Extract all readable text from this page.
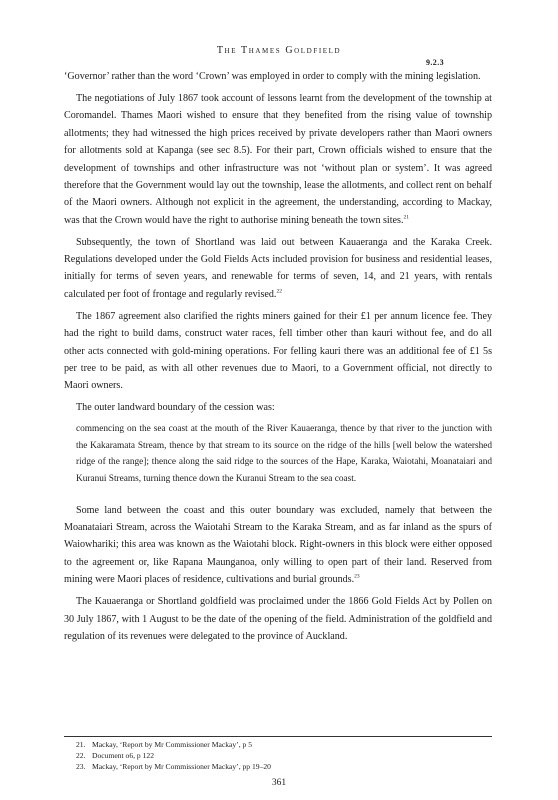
The Thames Goldfield
9.2.3

‘Governor’ rather than the word ‘Crown’ was employed in order to comply with the mining legislation.

The negotiations of July 1867 took account of lessons learnt from the development of the township at Coromandel. Thames Maori wished to ensure that they benefited from the rising value of township allotments; they had witnessed the high prices received by private developers rather than Maori owners for allotments sold at Kapanga (see sec 8.5). For their part, Crown officials wished to ensure that the development of townships and other infrastructure was not ‘without plan or system’. It was agreed therefore that the Government would lay out the township, lease the allotments, and collect rent on behalf of the Maori owners. Although not explicit in the agreement, the understanding, according to Mackay, was that the Crown would have the right to authorise mining beneath the town sites.$^{21}$

Subsequently, the town of Shortland was laid out between Kauaeranga and the Karaka Creek. Regulations developed under the Gold Fields Acts included provision for business and residential leases, initially for terms of seven years, and renewable for terms of seven, 14, and 21 years, with rentals calculated per foot of frontage and regularly revised.$^{22}$

The 1867 agreement also clarified the rights miners gained for their £1 per annum licence fee. They had the right to build dams, construct water races, fell timber other than kauri without fee, and do all other acts connected with gold-mining operations. For felling kauri there was an additional fee of £1 5s per tree to be paid, as with all other revenues due to Maori, to a Government official, not directly to Maori owners.

The outer landward boundary of the cession was:

commencing on the sea coast at the mouth of the River Kauaeranga, thence by that river to the junction with the Kakaramata Stream, thence by that stream to its source on the ridge of the hills [well below the watershed ridge of the range]; thence along the said ridge to the sources of the Hape, Karaka, Waiotahi, Moanataiari and Kuranui Streams, turning thence down the Kuranui Stream to the sea coast.

Some land between the coast and this outer boundary was excluded, namely that between the Moanataiari Stream, across the Waiotahi Stream to the Karaka Stream, and as far inland as the spurs of Waiowhariki; this area was known as the Waiotahi block. Right-owners in this block were either opposed to the agreement or, like Rapana Maunganoa, only willing to open part of their land. Reserved from mining were Maori places of residence, cultivations and burial grounds.$^{23}$

The Kauaeranga or Shortland goldfield was proclaimed under the 1866 Gold Fields Act by Pollen on 30 July 1867, with 1 August to be the date of the opening of the field. Administration of the goldfield and regulation of its revenues were delegated to the province of Auckland.

21. Mackay, ‘Report by Mr Commissioner Mackay’, p 5
22. Document o6, p 122
23. Mackay, ‘Report by Mr Commissioner Mackay’, pp 19–20
361
